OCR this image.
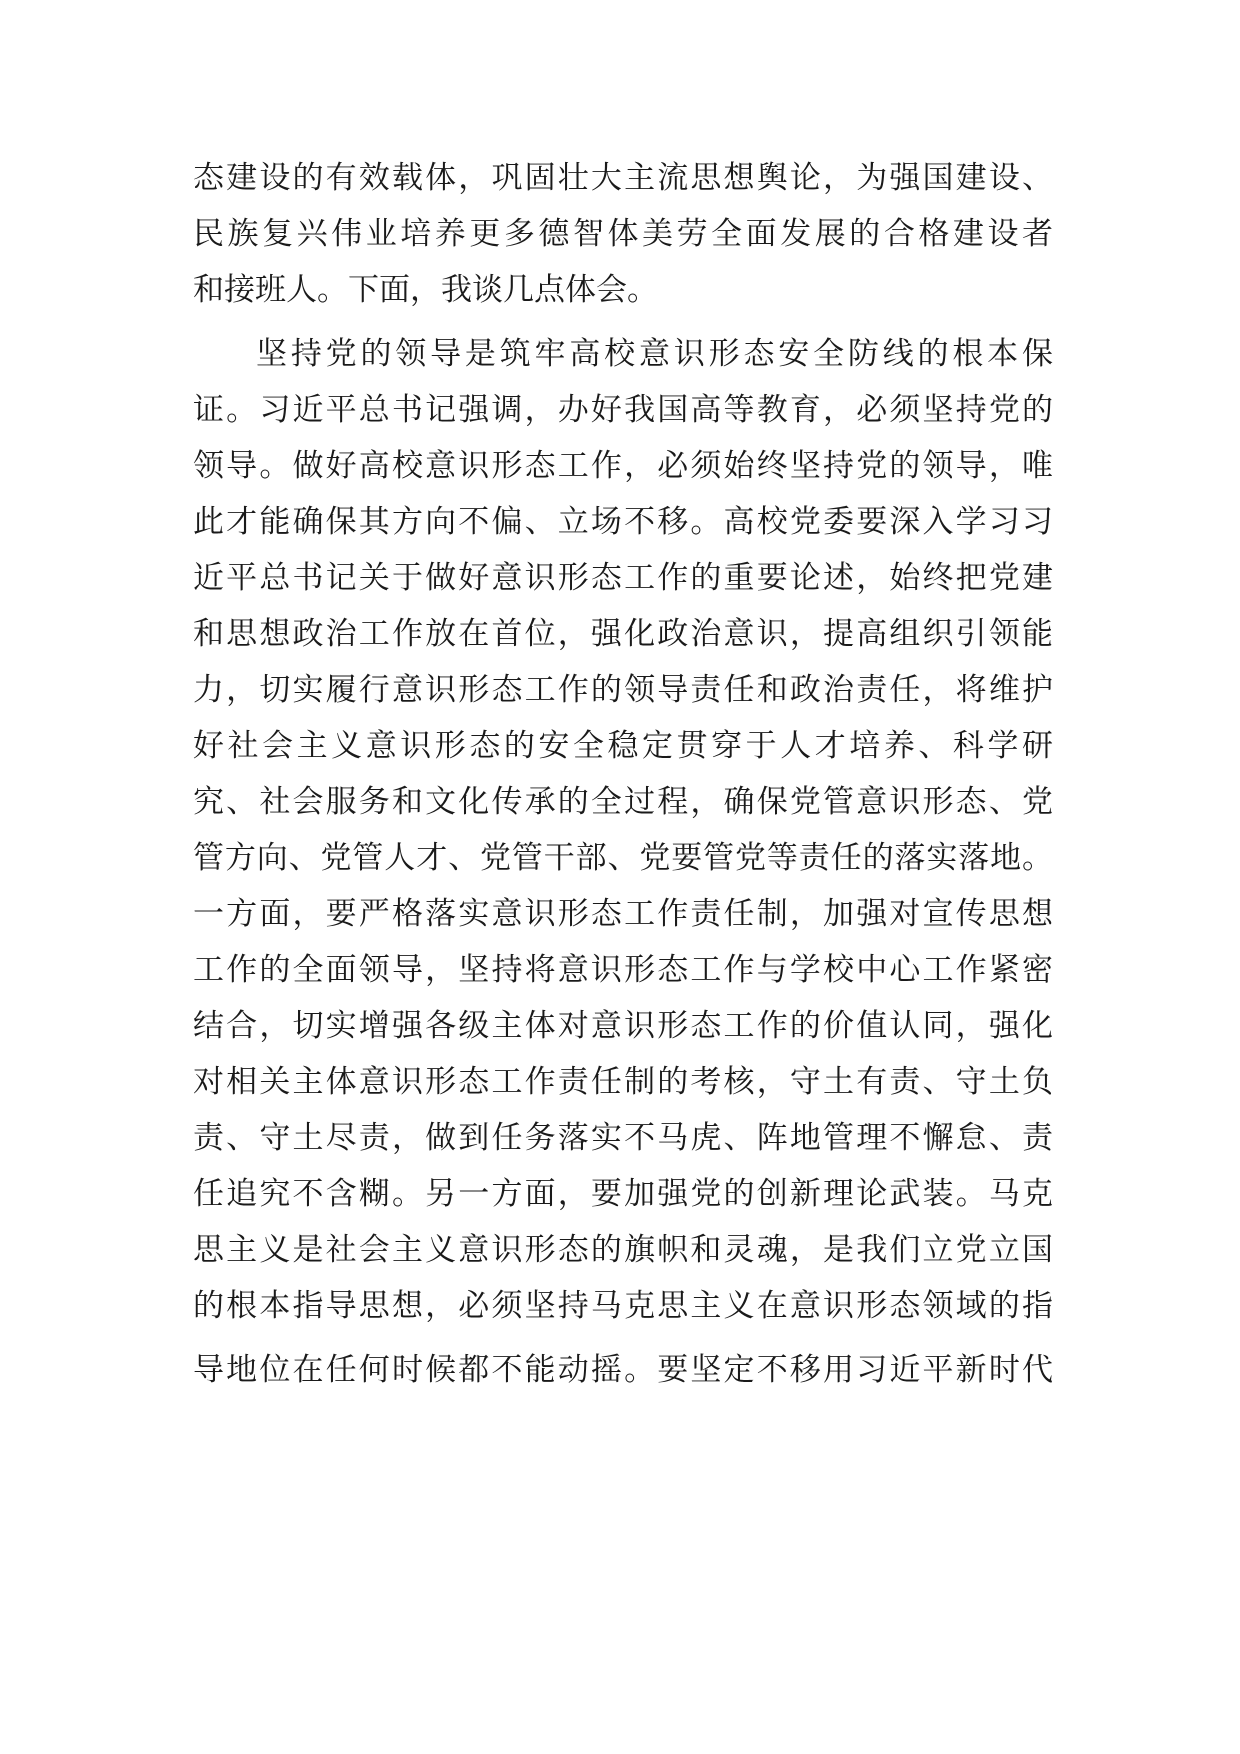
态建设的有效载体，巩固壮大主流思想舆论，为强国建设、
民族复兴伟业培养更多德智体美劳全面发展的合格建设者
和接班人。下面，我谈几点体会。
坚持党的领导是筑牢高校意识形态安全防线的根本保
证。习近平总书记强调，办好我国高等教育，必须坚持党的
领导。做好高校意识形态工作，必须始终坚持党的领导，唯
此才能确保其方向不偏、立场不移。高校党委要深入学习习
近平总书记关于做好意识形态工作的重要论述，始终把党建
和思想政治工作放在首位，强化政治意识，提高组织引领能
力，切实履行意识形态工作的领导责任和政治责任，将维护
好社会主义意识形态的安全稳定贯穿于人才培养、科学研
究、社会服务和文化传承的全过程，确保党管意识形态、党
管方向、党管人才、党管干部、党要管党等责任的落实落地。
一方面，要严格落实意识形态工作责任制，加强对宣传思想
工作的全面领导，坚持将意识形态工作与学校中心工作紧密
结合，切实增强各级主体对意识形态工作的价值认同，强化
对相关主体意识形态工作责任制的考核，守土有责、守土负
责、守土尽责，做到任务落实不马虎、阵地管理不懈怠、责
任追究不含糊。另一方面，要加强党的创新理论武装。马克
思主义是社会主义意识形态的旗帜和灵魂，是我们立党立国
的根本指导思想，必须坚持马克思主义在意识形态领域的指
导地位在任何时候都不能动摇。要坚定不移用习近平新时代
